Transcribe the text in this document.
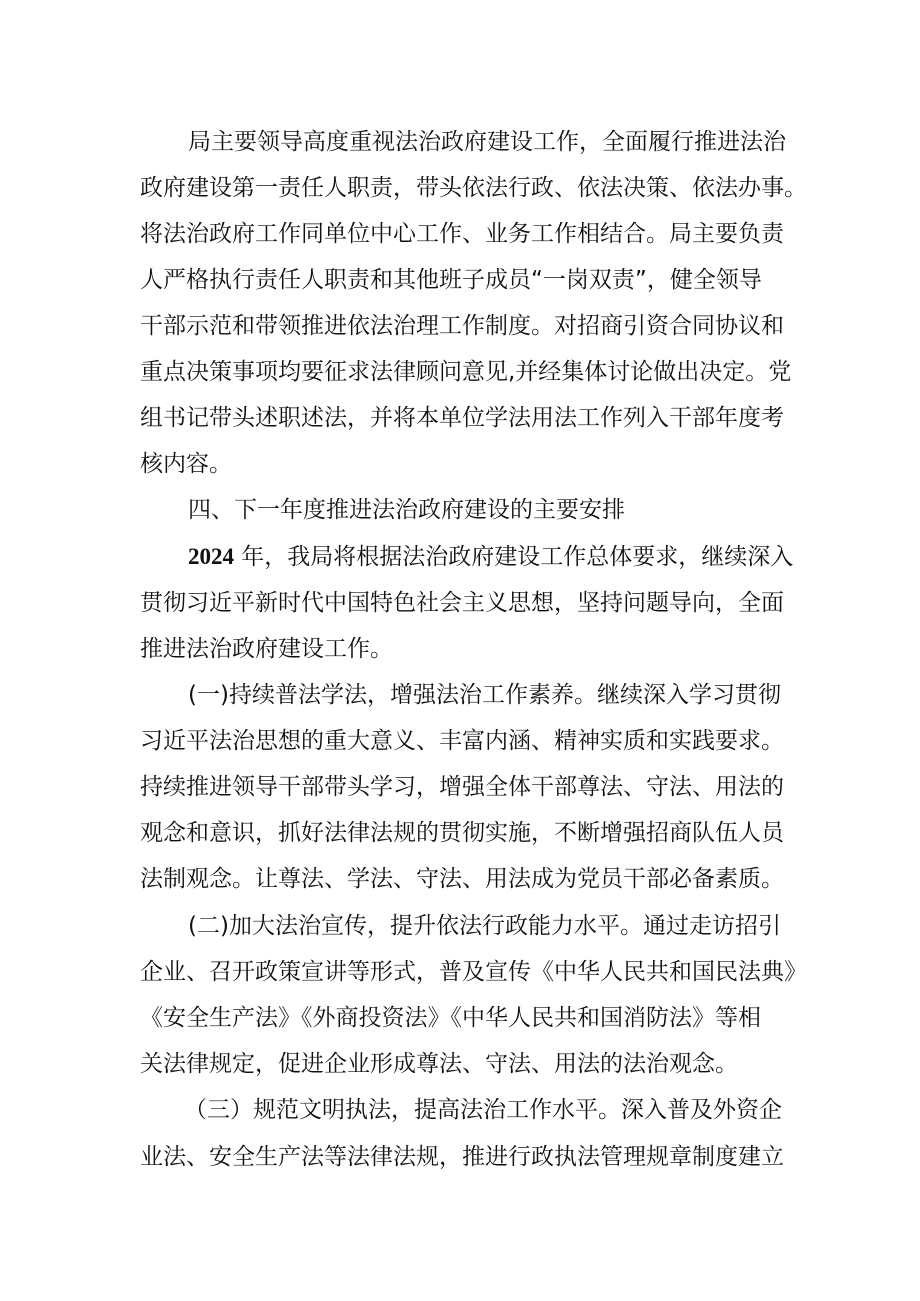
局主要领导高度重视法治政府建设工作，全面履行推进法治
政府建设第一责任人职责，带头依法行政、依法决策、依法办事。
将法治政府工作同单位中心工作、业务工作相结合。局主要负责
人严格执行责任人职责和其他班子成员“一岗双责”，健全领导
干部示范和带领推进依法治理工作制度。对招商引资合同协议和
重点决策事项均要征求法律顾问意见,并经集体讨论做出决定。党
组书记带头述职述法，并将本单位学法用法工作列入干部年度考
核内容。
四、下一年度推进法治政府建设的主要安排
2024 年，我局将根据法治政府建设工作总体要求，继续深入
贯彻习近平新时代中国特色社会主义思想，坚持问题导向，全面
推进法治政府建设工作。
(一)持续普法学法，增强法治工作素养。继续深入学习贯彻
习近平法治思想的重大意义、丰富内涵、精神实质和实践要求。
持续推进领导干部带头学习，增强全体干部尊法、守法、用法的
观念和意识，抓好法律法规的贯彻实施，不断增强招商队伍人员
法制观念。让尊法、学法、守法、用法成为党员干部必备素质。
(二)加大法治宣传，提升依法行政能力水平。通过走访招引
企业、召开政策宣讲等形式，普及宣传《中华人民共和国民法典》
《安全生产法》《外商投资法》《中华人民共和国消防法》等相
关法律规定，促进企业形成尊法、守法、用法的法治观念。
（三）规范文明执法，提高法治工作水平。深入普及外资企
业法、安全生产法等法律法规，推进行政执法管理规章制度建立
